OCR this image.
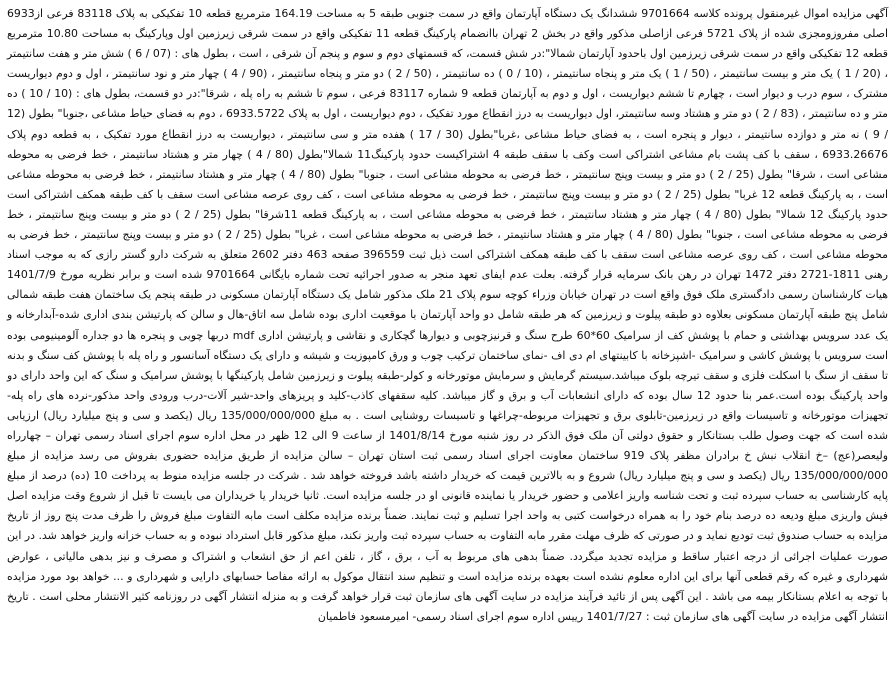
آگهی مزایده اموال غیرمنقول پرونده کلاسه 9701664 ششدانگ یک دستگاه آپارتمان واقع در سمت جنوبی طبقه 5 به مساحت 164.19 مترمربع قطعه 10 تفکیکی به پلاک 83118 فرعی از6933 اصلی مفروزومجزی شده از پلاک 5721 فرعی ازاصلی مذکور واقع در بخش 2 تهران باانضمام پارکینگ قطعه 11 تفکیکی واقع در سمت شرقی زیرزمین اول وپارکینگ به مساحت 10.80 مترمربع قطعه 12 تفکیکی واقع در سمت شرقی زیرزمین اول باحدود آپارتمان شمالا":در شش قسمت، که قسمتهای دوم و سوم و پنجم آن شرقی ، است ، بطول های : (07 / 6 ) شش متر و هفت سانتیمتر ، (20 / 1 ) یک متر و بیست سانتیمتر ، (50 / 1 ) یک متر و پنجاه سانتیمتر ، (10 / 0 ) ده سانتیمتر ، (50 / 2 ) دو متر و پنجاه سانتیمتر ، (90 / 4 ) چهار متر و نود سانتیمتر ، اول و دوم دیواریست مشترک ، سوم درب و دیوار است ، چهارم تا ششم دیواریست ، اول و دوم به آپارتمان قطعه 9 شماره 83117 فرعی ، سوم تا ششم به راه پله ، شرقا":در دو قسمت، بطول های : (10 / 10 ) ده متر و ده سانتیمتر ، (83 / 2 ) دو متر و هشتاد وسه سانتیمتر، اول دیواریست به درز انقطاع مورد تفکیک ، دوم دیواریست ، اول به پلاک 6933.5722 ، دوم به فضای حیاط مشاعی ،جنوبا" بطول (12 / 9 ) نه متر و دوازده سانتیمتر ، دیوار و پنجره است ، به فضای حیاط مشاعی ،غربا"بطول (30 / 17 ) هفده متر و سی سانتیمتر ، دیواریست به درز انقطاع مورد تفکیک ، به قطعه دوم پلاک 6933.26676 ، سقف با کف پشت بام مشاعی اشتراکی است وکف با سقف طبقه 4 اشتراکیست حدود پارکینگ11 شمالا"بطول (80 / 4 ) چهار متر و هشتاد سانتیمتر ، خط فرضی به محوطه مشاعی است ، شرقا" بطول (25 / 2 ) دو متر و بیست وپنج سانتیمتر ، خط فرضی به محوطه مشاعی است ، جنوبا" بطول (80 / 4 ) چهار متر و هشتاد سانتیمتر ، خط فرضی به محوطه مشاعی است ، به پارکینگ قطعه 12 غربا" بطول (25 / 2 ) دو متر و بیست وپنج سانتیمتر ، خط فرضی به محوطه مشاعی است ، کف روی عرصه مشاعی است سقف با کف طبقه همکف اشتراکی است حدود پارکینگ 12 شمالا" بطول (80 / 4 ) چهار متر و هشتاد سانتیمتر ، خط فرضی به محوطه مشاعی است ، به پارکینگ قطعه 11شرقا" بطول (25 / 2 ) دو متر و بیست وپنج سانتیمتر ، خط فرضی به محوطه مشاعی است ، جنوبا" بطول (80 / 4 ) چهار متر و هشتاد سانتیمتر ، خط فرضی به محوطه مشاعی است ، غربا" بطول (25 / 2 ) دو متر و بیست وپنج سانتیمتر ، خط فرضی به محوطه مشاعی است ، کف روی عرصه مشاعی است سقف با کف طبقه همکف اشتراکی است ذیل ثبت 396559 صفحه 463 دفتر 2602 متعلق به شرکت دارو گستر رازی که به موجب اسناد رهنی 1811-2721 دفتر 1472 تهران در رهن بانک سرمایه قرار گرفته. بعلت عدم ایفای تعهد منجر به صدور اجرائیه تحت شماره بایگانی 9701664 شده است و برابر نظریه مورخ 1401/7/9 هیات کارشناسان رسمی دادگستری ملک فوق واقع است در تهران خیابان وزراء کوچه سوم پلاک 21 ملک مذکور شامل یک دستگاه آپارتمان مسکونی در طبقه پنجم یک ساختمان هفت طبقه شمالی شامل پنج طبقه آپارتمان مسکونی بعلاوه دو طبقه پیلوت و زیرزمین که هر طبقه شامل دو واحد آپارتمان با موقعیت اداری بوده شامل سه اتاق-هال و سالن که پارتیشن بندی اداری شده-آبدارخانه و یک عدد سرویس بهداشتی و حمام با پوشش کف از سرامیک 60*60 طرح سنگ و قرنیزچوبی و دیوارها گچکاری و نقاشی و پارتیشن اداری mdf دربها چوبی و پنجره ها دو جداره آلومینیومی بوده است سرویس با پوشش کاشی و سرامیک -اشپزخانه با کابینتهای ام دی اف -نمای ساختمان ترکیب چوب و ورق کامپوزیت و شیشه و دارای یک دستگاه آسانسور و راه پله با پوشش کف سنگ و بدنه تا سقف از سنگ با اسکلت فلزی و سقف تیرچه بلوک میباشد.سیستم گرمایش و سرمایش موتورخانه و کولر-طبقه پیلوت و زیرزمین شامل پارکینگها با پوشش سرامیک و سنگ که این واحد دارای دو واحد پارکینگ بوده است.عمر بنا حدود 12 سال بوده که دارای انشعابات آب و برق و گاز میباشد. کلیه سقفهای کاذب-کلید و پریزهای واحد-شیر آلات-درب ورودی واحد مذکور-نرده های راه پله-تجهیزات موتورخانه و تاسیسات واقع در زیرزمین-تابلوی برق و تجهیزات مربوطه-چراغها و تاسیسات روشنایی است . به مبلغ 135/000/000/000 ریال (یکصد و سی و پنج میلیارد ریال) ارزیابی شده است که جهت وصول طلب بستانکار و حقوق دولتی آن ملک فوق الذکر در روز شنبه مورخ 1401/8/14 از ساعت 9 الی 12 ظهر در محل اداره سوم اجرای اسناد رسمی تهران – چهارراه ولیعصر(عج) –خ انقلاب نبش خ برادران مظفر پلاک 919 ساختمان معاونت اجرای اسناد رسمی ثبت استان تهران – سالن مزایده از طریق مزایده حضوری بفروش می رسد مزایده از مبلغ 135/000/000/000 ریال (یکصد و سی و پنج میلیارد ریال) شروع و به بالاترین قیمت که خریدار داشته باشد فروخته خواهد شد . شرکت در جلسه مزایده منوط به پرداخت 10 (ده) درصد از مبلغ پایه کارشناسی به حساب سپرده ثبت و تحت شناسه واریز اعلامی و حضور خریدار یا نماینده قانونی او در جلسه مزایده است. ثانیا خریدار یا خریداران می بایست تا قبل از شروع وقت مزایده اصل فیش واریزی مبلغ ودیعه ده درصد بنام خود را به همراه درخواست کتبی به واحد اجرا تسلیم و ثبت نمایند. ضمناً برنده مزایده مکلف است مابه التفاوت مبلغ فروش را ظرف مدت پنج روز از تاریخ مزایده به حساب صندوق ثبت تودیع نماید و در صورتی که ظرف مهلت مقرر مابه التفاوت به حساب سپرده ثبت واریز نکند، مبلغ مذکور قابل استرداد نبوده و به حساب خزانه واریز خواهد شد. در این صورت عملیات اجرائی از درجه اعتبار ساقط و مزایده تجدید میگردد. ضمناً بدهی های مربوط به آب ، برق ، گاز ، تلفن اعم از حق انشعاب و اشتراک و مصرف و نیز بدهی مالیاتی ، عوارض شهرداری و غیره که رقم قطعی آنها برای این اداره معلوم نشده است بعهده برنده مزایده است و تنظیم سند انتقال موکول به ارائه مفاصا حسابهای دارایی و شهرداری و ... خواهد بود مورد مزایده با توجه به اعلام بستانکار بیمه می باشد . این آگهی پس از تائید فرآیند مزایده در سایت آگهی های سازمان ثبت قرار خواهد گرفت و به منزله انتشار آگهی در روزنامه کثیر الانتشار محلی است . تاریخ انتشار آگهی مزایده در سایت آگهی های سازمان ثبت : 1401/7/27 رییس اداره سوم اجرای اسناد رسمی- امیرمسعود فاطمیان
